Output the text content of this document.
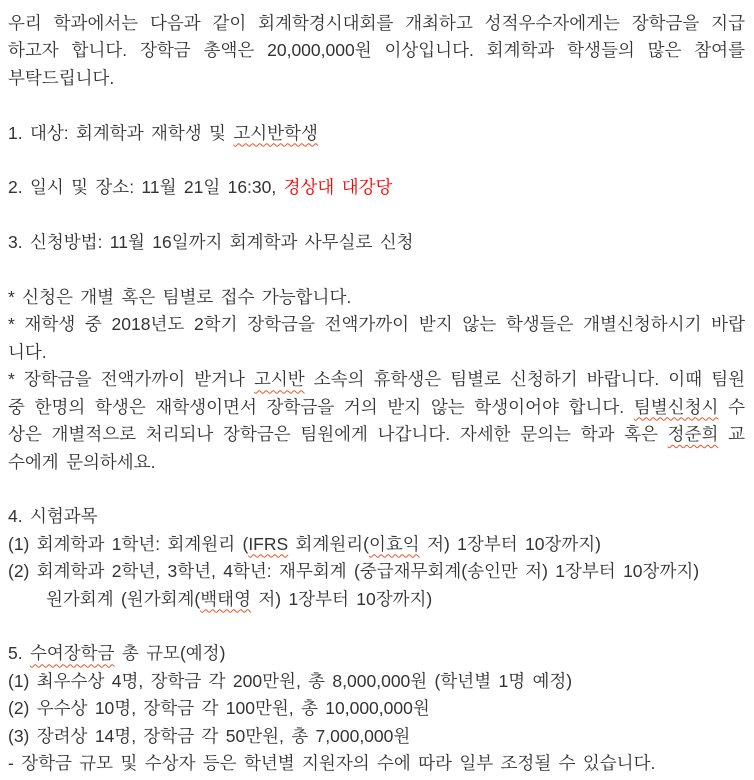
우리 학과에서는 다음과 같이 회계학경시대회를 개최하고 성적우수자에게는 장학금을 지급
하고자 합니다. 장학금 총액은 20,000,000원 이상입니다. 회계학과 학생들의 많은 참여를
부탁드립니다.

1. 대상: 회계학과 재학생 및 고시반학생

2. 일시 및 장소: 11월 21일 16:30, 경상대 대강당

3. 신청방법: 11월 16일까지 회계학과 사무실로 신청

* 신청은 개별 혹은 팀별로 접수 가능합니다.
* 재학생 중 2018년도 2학기 장학금을 전액가까이 받지 않는 학생들은 개별신청하시기 바랍
니다.
* 장학금을 전액가까이 받거나 고시반 소속의 휴학생은 팀별로 신청하기 바랍니다. 이때 팀원
중 한명의 학생은 재학생이면서 장학금을 거의 받지 않는 학생이어야 합니다. 팀별신청시 수
상은 개별적으로 처리되나 장학금은 팀원에게 나갑니다. 자세한 문의는 학과 혹은 정준희 교
수에게 문의하세요.

4. 시험과목
(1) 회계학과 1학년: 회계원리 (IFRS 회계원리(이효익 저) 1장부터 10장까지)
(2) 회계학과 2학년, 3학년, 4학년: 재무회계 (중급재무회계(송인만 저) 1장부터 10장까지)
원가회계 (원가회계(백태영 저) 1장부터 10장까지)

5. 수여장학금 총 규모(예정)
(1) 최우수상 4명, 장학금 각 200만원, 총 8,000,000원 (학년별 1명 예정)
(2) 우수상 10명, 장학금 각 100만원, 총 10,000,000원
(3) 장려상 14명, 장학금 각 50만원, 총 7,000,000원
- 장학금 규모 및 수상자 등은 학년별 지원자의 수에 따라 일부 조정될 수 있습니다.
